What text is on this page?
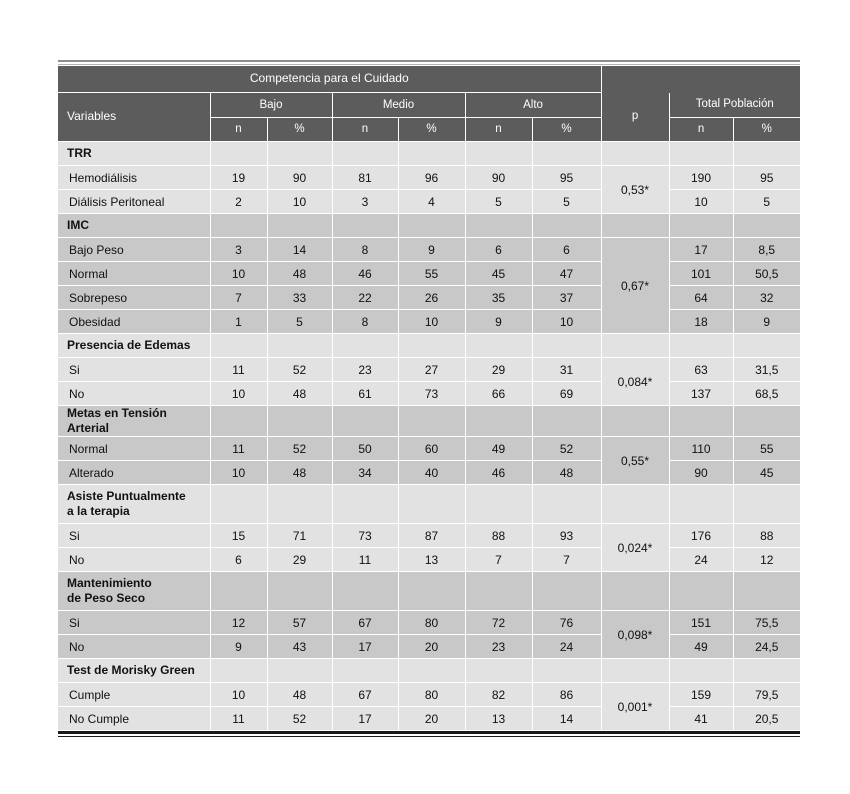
Competencia para el Cuidado									
Variables	Bajo		Medio		Alto		p	Total Población	
	n	%	n	%	n	%		n	%
TRR									
Hemodiálisis	19	90	81	96	90	95	0,53*	190	95
Diálisis Peritoneal	2	10	3	4	5	5		10	5
IMC									
Bajo Peso	3	14	8	9	6	6	0,67*	17	8,5
Normal	10	48	46	55	45	47		101	50,5
Sobrepeso	7	33	22	26	35	37		64	32
Obesidad	1	5	8	10	9	10		18	9
Presencia de Edemas									
Si	11	52	23	27	29	31	0,084*	63	31,5
No	10	48	61	73	66	69		137	68,5
Metas en Tensión Arterial									
Normal	11	52	50	60	49	52	0,55*	110	55
Alterado	10	48	34	40	46	48		90	45

Asiste Puntualmente
a la terapia									

Si	15	71	73	87	88	93	0,024*	176	88
No	6	29	11	13	7	7		24	12

Mantenimiento
de Peso Seco									

Si	12	57	67	80	72	76	0,098*	151	75,5
No	9	43	17	20	23	24		49	24,5
Test de Morisky Green									
Cumple	10	48	67	80	82	86	0,001*	159	79,5
No Cumple	11	52	17	20	13	14		41	20,5
